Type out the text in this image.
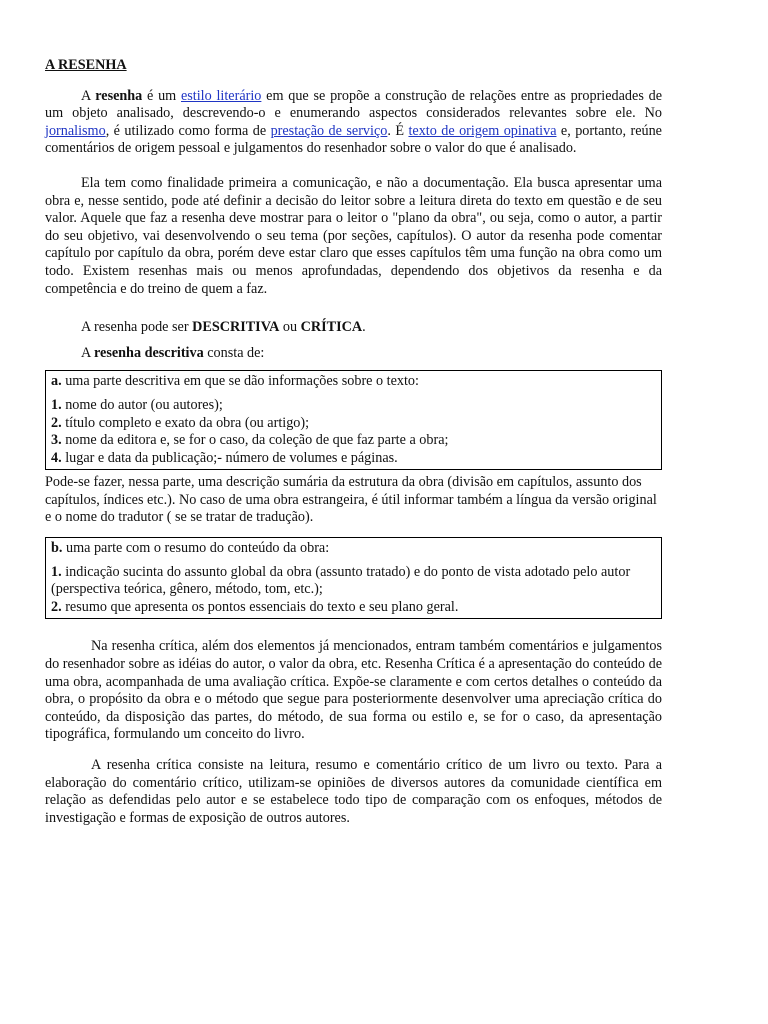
A RESENHA

A resenha é um estilo literário em que se propõe a construção de relações entre as propriedades de um objeto analisado, descrevendo-o e enumerando aspectos considerados relevantes sobre ele. No jornalismo, é utilizado como forma de prestação de serviço. É texto de origem opinativa e, portanto, reúne comentários de origem pessoal e julgamentos do resenhador sobre o valor do que é analisado.

Ela tem como finalidade primeira a comunicação, e não a documentação. Ela busca apresentar uma obra e, nesse sentido, pode até definir a decisão do leitor sobre a leitura direta do texto em questão e de seu valor. Aquele que faz a resenha deve mostrar para o leitor o "plano da obra", ou seja, como o autor, a partir do seu objetivo, vai desenvolvendo o seu tema (por seções, capítulos). O autor da resenha pode comentar capítulo por capítulo da obra, porém deve estar claro que esses capítulos têm uma função na obra como um todo. Existem resenhas mais ou menos aprofundadas, dependendo dos objetivos da resenha e da competência e do treino de quem a faz.

A resenha pode ser DESCRITIVA ou CRÍTICA.

A resenha descritiva consta de:

a. uma parte descritiva em que se dão informações sobre o texto:
1. nome do autor (ou autores);
2. título completo e exato da obra (ou artigo);
3. nome da editora e, se for o caso, da coleção de que faz parte a obra;
4. lugar e data da publicação;- número de volumes e páginas.

Pode-se fazer, nessa parte, uma descrição sumária da estrutura da obra (divisão em capítulos, assunto dos capítulos, índices etc.). No caso de uma obra estrangeira, é útil informar também a língua da versão original e o nome do tradutor ( se se tratar de tradução).

b. uma parte com o resumo do conteúdo da obra:
1. indicação sucinta do assunto global da obra (assunto tratado) e do ponto de vista adotado pelo autor (perspectiva teórica, gênero, método, tom, etc.);
2. resumo que apresenta os pontos essenciais do texto e seu plano geral.

Na resenha crítica, além dos elementos já mencionados, entram também comentários e julgamentos do resenhador sobre as idéias do autor, o valor da obra, etc. Resenha Crítica é a apresentação do conteúdo de uma obra, acompanhada de uma avaliação crítica. Expõe-se claramente e com certos detalhes o conteúdo da obra, o propósito da obra e o método que segue para posteriormente desenvolver uma apreciação crítica do conteúdo, da disposição das partes, do método, de sua forma ou estilo e, se for o caso, da apresentação tipográfica, formulando um conceito do livro.

A resenha crítica consiste na leitura, resumo e comentário crítico de um livro ou texto. Para a elaboração do comentário crítico, utilizam-se opiniões de diversos autores da comunidade científica em relação as defendidas pelo autor e se estabelece todo tipo de comparação com os enfoques, métodos de investigação e formas de exposição de outros autores.
